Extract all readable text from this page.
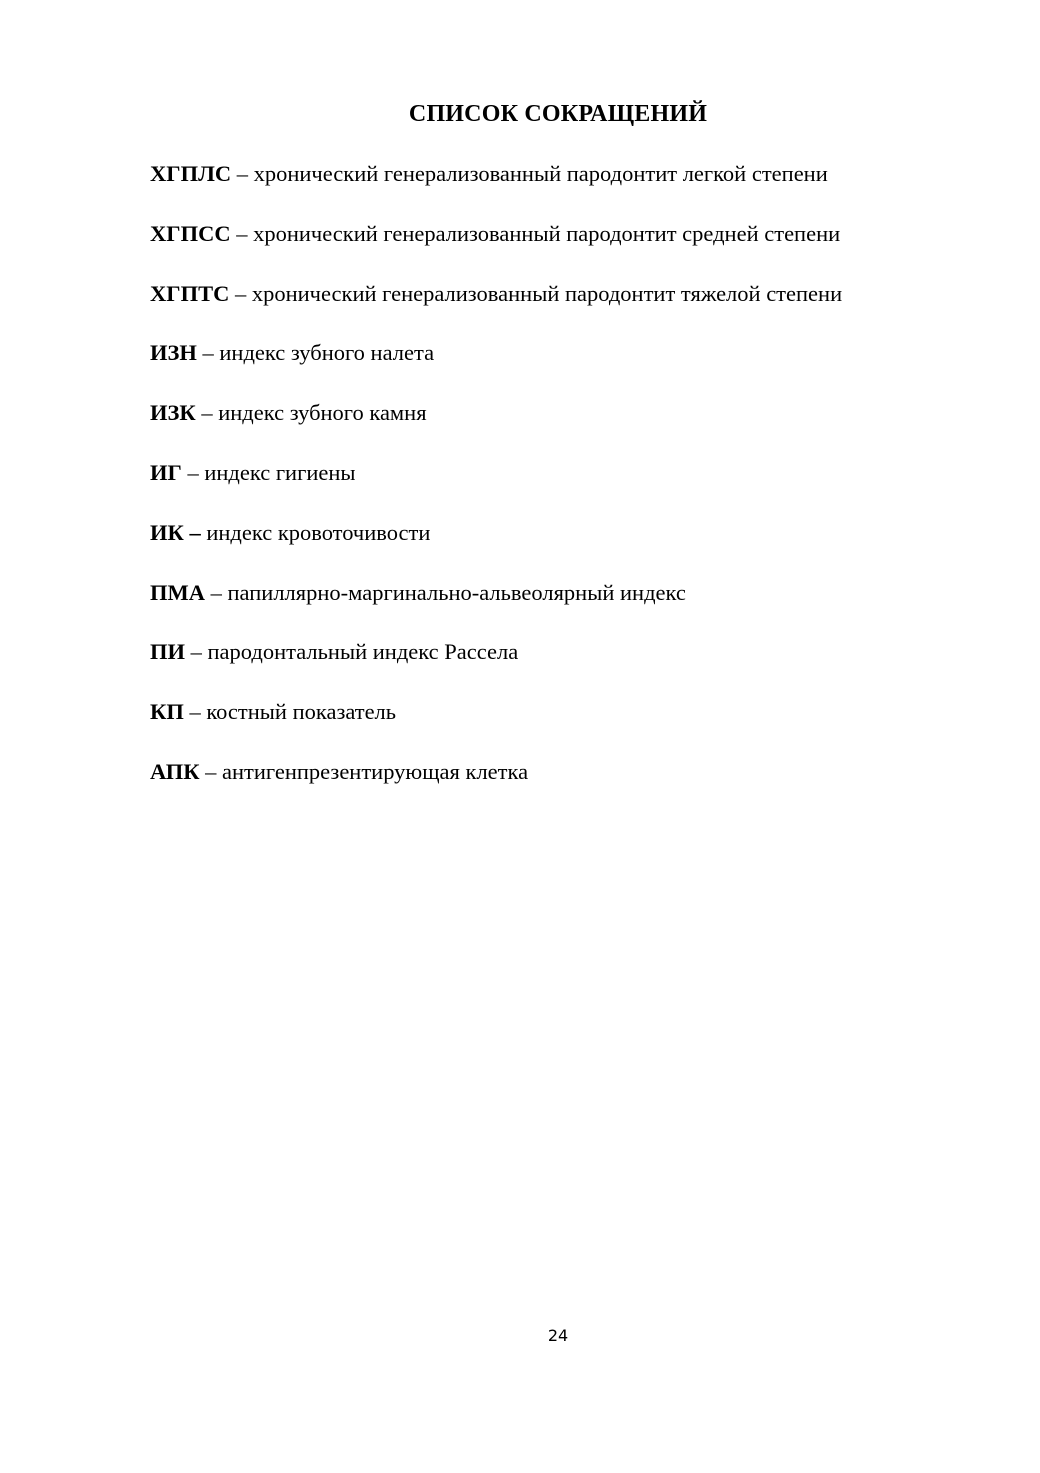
СПИСОК СОКРАЩЕНИЙ
ХГПЛС – хронический генерализованный пародонтит легкой степени
ХГПСС – хронический генерализованный пародонтит средней степени
ХГПТС – хронический генерализованный пародонтит тяжелой степени
ИЗН – индекс зубного налета
ИЗК – индекс зубного камня
ИГ – индекс гигиены
ИК – индекс кровоточивости
ПМА – папиллярно-маргинально-альвеолярный индекс
ПИ – пародонтальный индекс Рассела
КП – костный показатель
АПК – антигенпрезентирующая клетка
24
